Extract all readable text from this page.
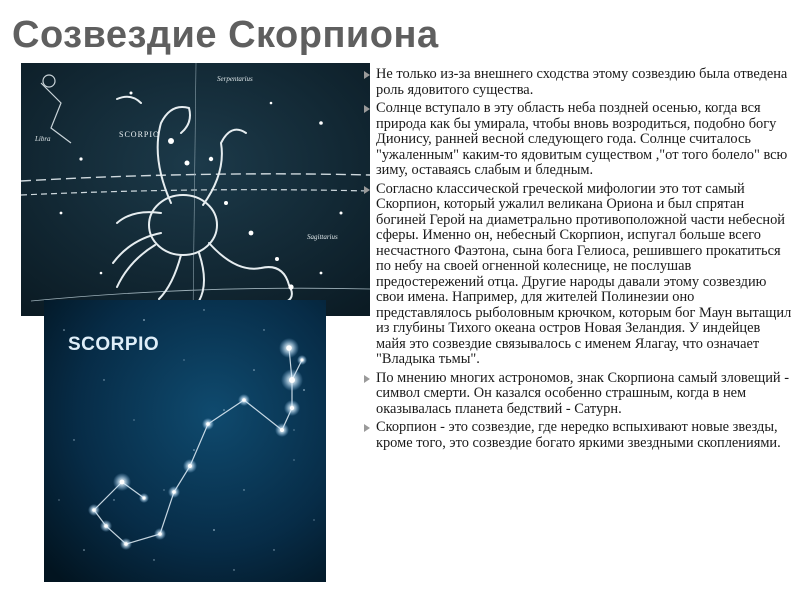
Созвездие Скорпиона
Serpentarius
Libra	SCORPIO
Sagittarius
SCORPIO

Не только из-за внешнего сходства этому созвездию была отведена роль ядовитого существа.

Солнце вступало в эту область неба поздней осенью, когда вся природа как бы умирала, чтобы вновь возродиться, подобно богу Дионису, ранней весной следующего года. Солнце считалось "ужаленным" каким-то ядовитым существом ,"от того болело" всю зиму, оставаясь слабым и бледным.

Согласно классической греческой мифологии это тот самый Скорпион, который ужалил великана Ориона и был спрятан богиней Герой на диаметрально противоположной части небесной сферы. Именно он, небесный Скорпион, испугал больше всего несчастного Фаэтона, сына бога Гелиоса, решившего прокатиться по небу на своей огненной колеснице, не послушав предостережений отца. Другие народы давали этому созвездию свои имена. Например, для жителей Полинезии оно представлялось рыболовным крючком, которым бог Маун вытащил из глубины Тихого океана остров Новая Зеландия. У индейцев майя это созвездие связывалось с именем Ялагау, что означает "Владыка тьмы".

По мнению многих астрономов, знак Скорпиона самый зловещий - символ смерти. Он казался особенно страшным, когда в нем оказывалась планета бедствий - Сатурн.

Скорпион - это созвездие, где нередко вспыхивают новые звезды, кроме того, это созвездие богато яркими звездными скоплениями.
